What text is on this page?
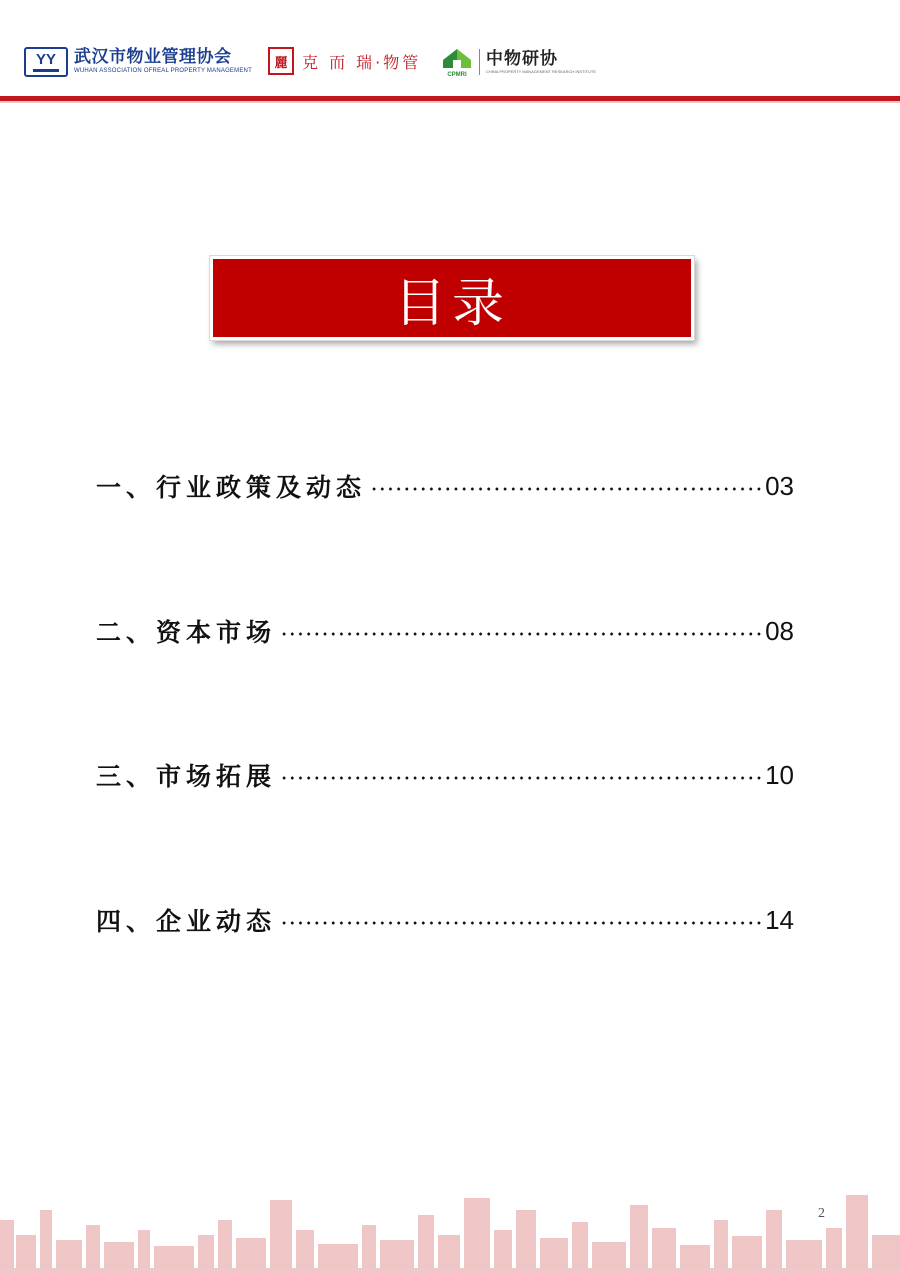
YY 武汉市物业管理协会
WUHAN ASSOCIATION OFREAL PROPERTY MANAGEMENT
麗 克 而 瑞·物管
CPMRI
中物研协
CHINA PROPERTY MANAGEMENT RESEARCH INSTITUTE
目录
一、行业政策及动态	03
二、资本市场	08
三、市场拓展	10
四、企业动态	14
2
